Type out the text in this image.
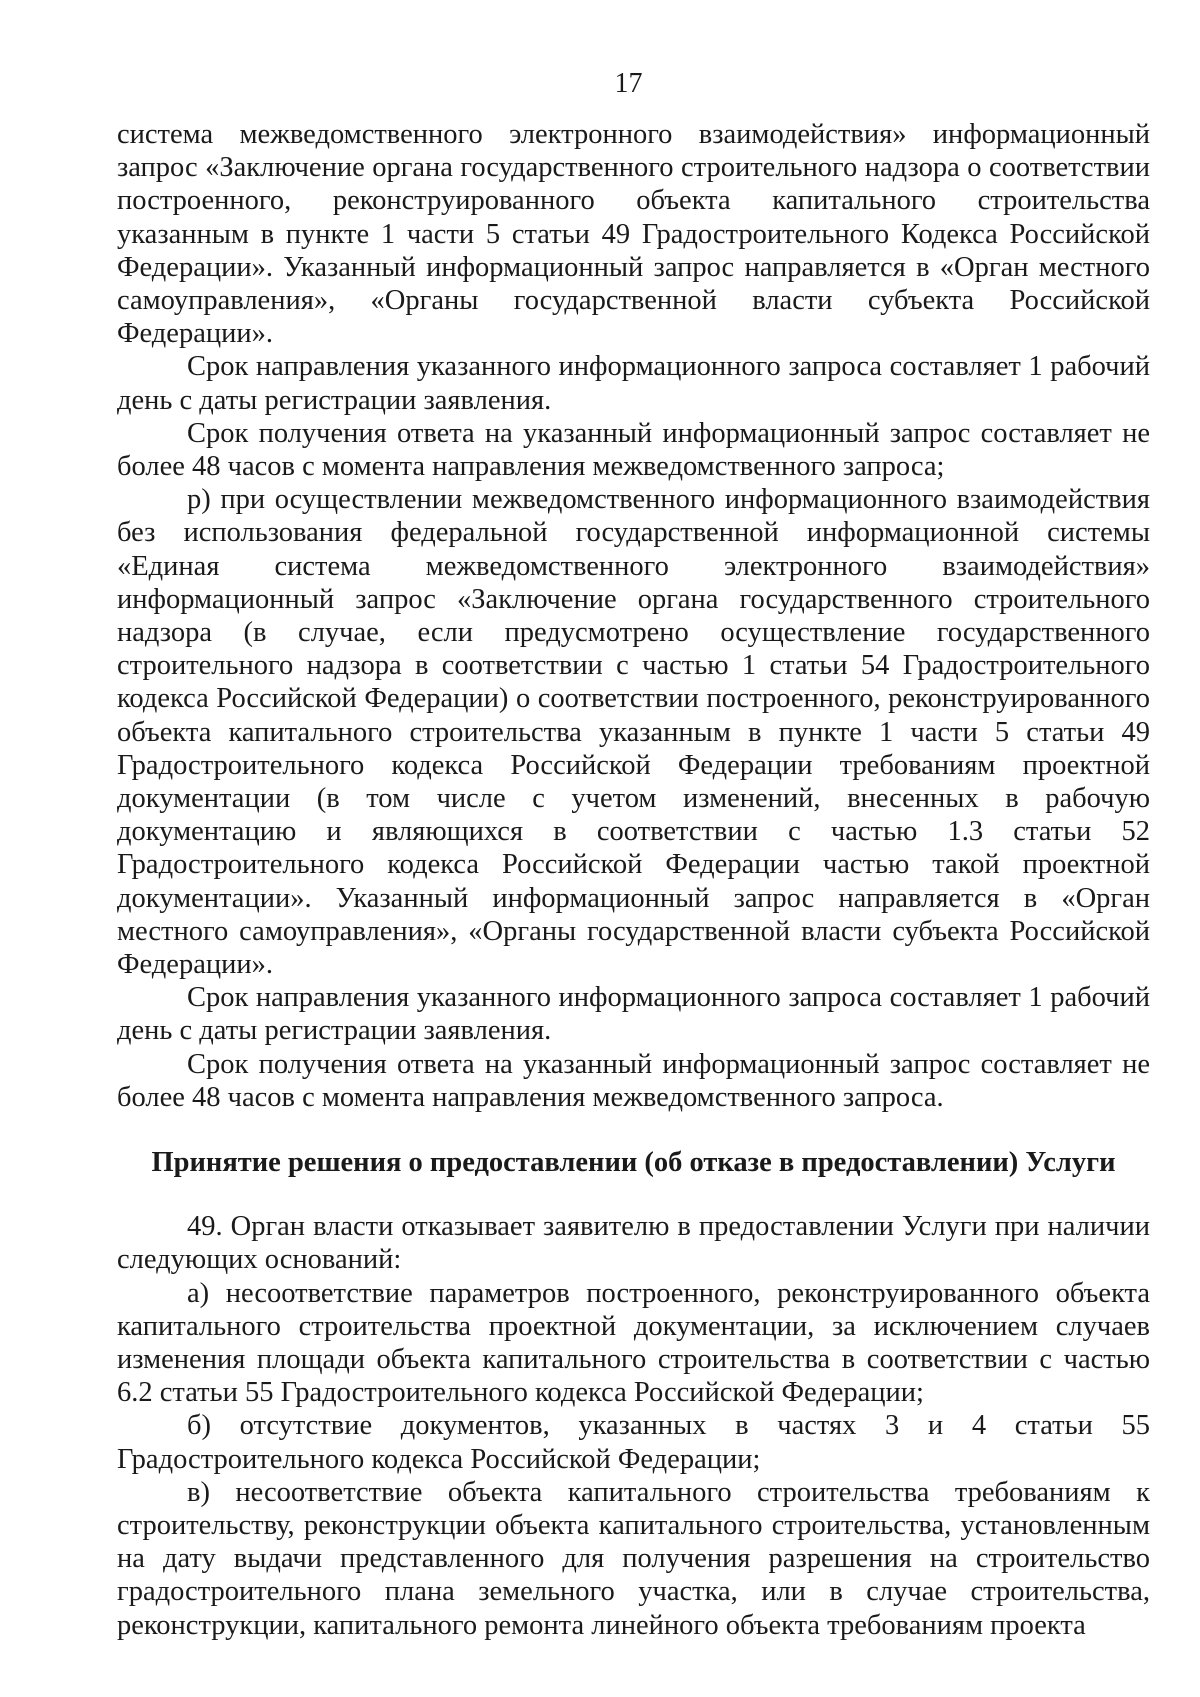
17

система межведомственного электронного взаимодействия» информационный запрос «Заключение органа государственного строительного надзора о соответствии построенного, реконструированного объекта капитального строительства указанным в пункте 1 части 5 статьи 49 Градостроительного Кодекса Российской Федерации». Указанный информационный запрос направляется в «Орган местного самоуправления», «Органы государственной власти субъекта Российской Федерации».

Срок направления указанного информационного запроса составляет 1 рабочий день с даты регистрации заявления.

Срок получения ответа на указанный информационный запрос составляет не более 48 часов с момента направления межведомственного запроса;

р) при осуществлении межведомственного информационного взаимодействия без использования федеральной государственной информационной системы «Единая система межведомственного электронного взаимодействия» информационный запрос «Заключение органа государственного строительного надзора (в случае, если предусмотрено осуществление государственного строительного надзора в соответствии с частью 1 статьи 54 Градостроительного кодекса Российской Федерации) о соответствии построенного, реконструированного объекта капитального строительства указанным в пункте 1 части 5 статьи 49 Градостроительного кодекса Российской Федерации требованиям проектной документации (в том числе с учетом изменений, внесенных в рабочую документацию и являющихся в соответствии с частью 1.3 статьи 52 Градостроительного кодекса Российской Федерации частью такой проектной документации». Указанный информационный запрос направляется в «Орган местного самоуправления», «Органы государственной власти субъекта Российской Федерации».

Срок направления указанного информационного запроса составляет 1 рабочий день с даты регистрации заявления.

Срок получения ответа на указанный информационный запрос составляет не более 48 часов с момента направления межведомственного запроса.

Принятие решения о предоставлении (об отказе в предоставлении) Услуги

49. Орган власти отказывает заявителю в предоставлении Услуги при наличии следующих оснований:

а) несоответствие параметров построенного, реконструированного объекта капитального строительства проектной документации, за исключением случаев изменения площади объекта капитального строительства в соответствии с частью 6.2 статьи 55 Градостроительного кодекса Российской Федерации;

б) отсутствие документов, указанных в частях 3 и 4 статьи 55 Градостроительного кодекса Российской Федерации;

в) несоответствие объекта капитального строительства требованиям к строительству, реконструкции объекта капитального строительства, установленным на дату выдачи представленного для получения разрешения на строительство градостроительного плана земельного участка, или в случае строительства, реконструкции, капитального ремонта линейного объекта требованиям проекта
